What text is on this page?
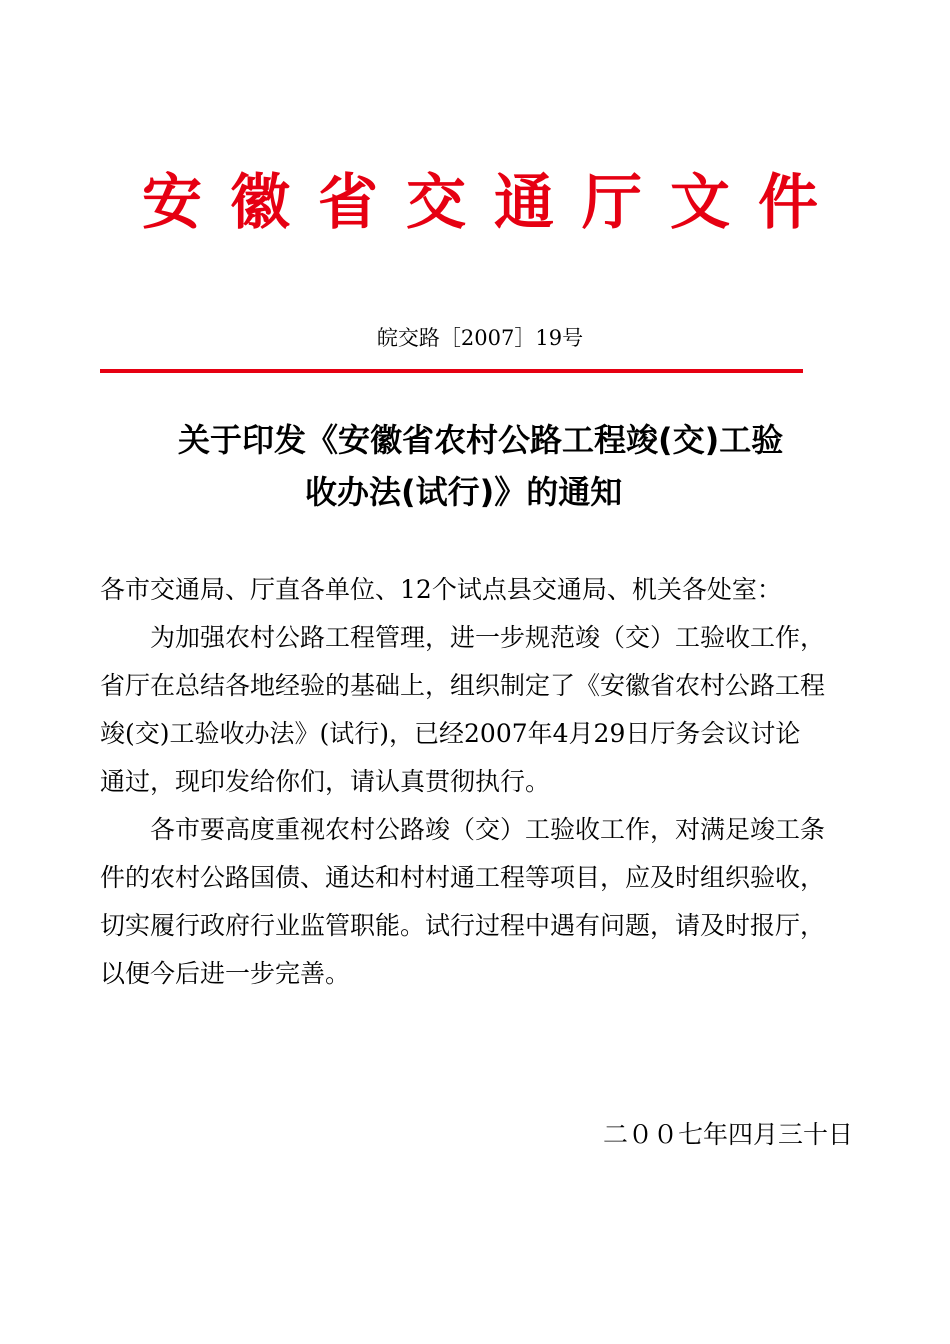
安徽省交通厅文件
皖交路［2007］19号
关于印发《安徽省农村公路工程竣(交)工验
收办法(试行)》的通知
各市交通局、厅直各单位、12个试点县交通局、机关各处室：
　　为加强农村公路工程管理，进一步规范竣（交）工验收工作，
省厅在总结各地经验的基础上，组织制定了《安徽省农村公路工程
竣(交)工验收办法》(试行)，已经2007年4月29日厅务会议讨论
通过，现印发给你们，请认真贯彻执行。
　　各市要高度重视农村公路竣（交）工验收工作，对满足竣工条
件的农村公路国债、通达和村村通工程等项目，应及时组织验收，
切实履行政府行业监管职能。试行过程中遇有问题，请及时报厅，
以便今后进一步完善。
二００七年四月三十日
